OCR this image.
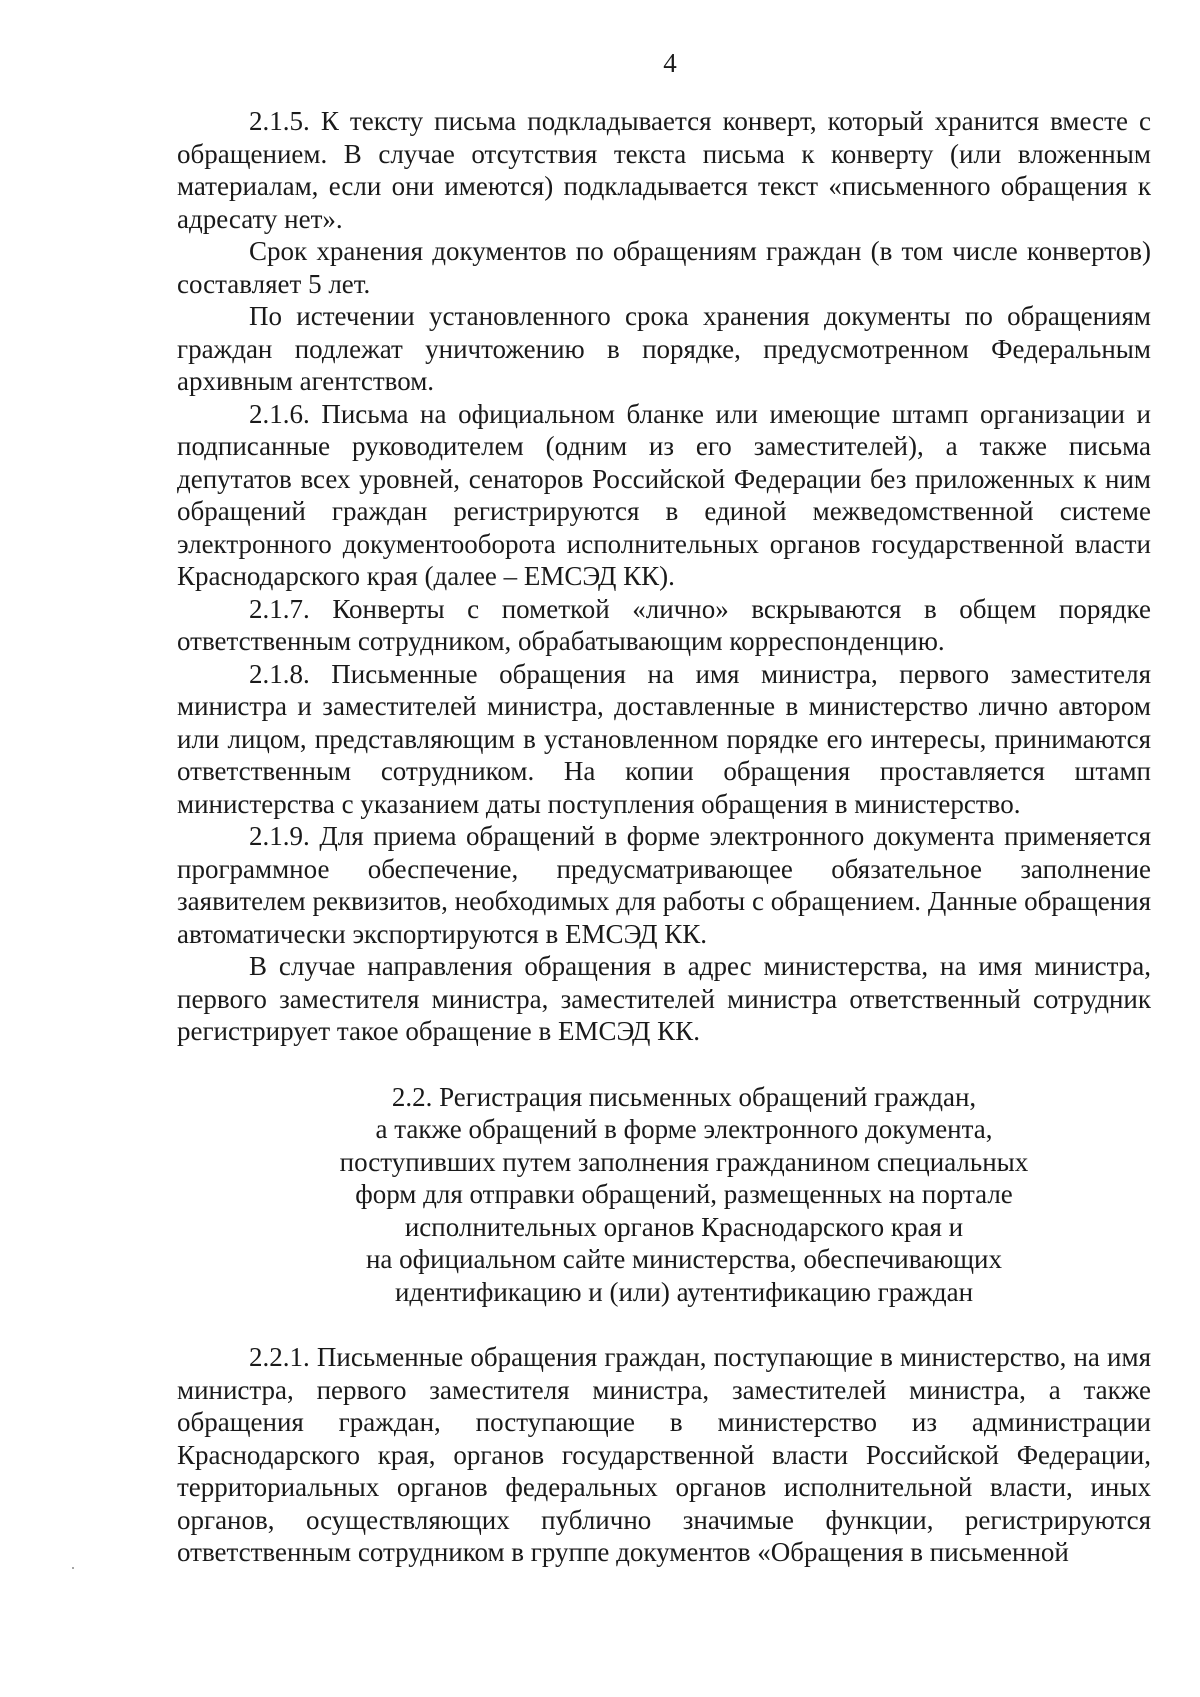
4

2.1.5. К тексту письма подкладывается конверт, который хранится вместе с обращением. В случае отсутствия текста письма к конверту (или вложенным материалам, если они имеются) подкладывается текст «письменного обращения к адресату нет».

Срок хранения документов по обращениям граждан (в том числе конвертов) составляет 5 лет.

По истечении установленного срока хранения документы по обращениям граждан подлежат уничтожению в порядке, предусмотренном Федеральным архивным агентством.

2.1.6. Письма на официальном бланке или имеющие штамп организации и подписанные руководителем (одним из его заместителей), а также письма депутатов всех уровней, сенаторов Российской Федерации без приложенных к ним обращений граждан регистрируются в единой межведомственной системе электронного документооборота исполнительных органов государственной власти Краснодарского края (далее – ЕМСЭД КК).

2.1.7. Конверты с пометкой «лично» вскрываются в общем порядке ответственным сотрудником, обрабатывающим корреспонденцию.

2.1.8. Письменные обращения на имя министра, первого заместителя министра и заместителей министра, доставленные в министерство лично автором или лицом, представляющим в установленном порядке его интересы, принимаются ответственным сотрудником. На копии обращения проставляется штамп министерства с указанием даты поступления обращения в министерство.

2.1.9. Для приема обращений в форме электронного документа применяется программное обеспечение, предусматривающее обязательное заполнение заявителем реквизитов, необходимых для работы с обращением. Данные обращения автоматически экспортируются в ЕМСЭД КК.

В случае направления обращения в адрес министерства, на имя министра, первого заместителя министра, заместителей министра ответственный сотрудник регистрирует такое обращение в ЕМСЭД КК.

2.2. Регистрация письменных обращений граждан,
а также обращений в форме электронного документа,
поступивших путем заполнения гражданином специальных
форм для отправки обращений, размещенных на портале
исполнительных органов Краснодарского края и
на официальном сайте министерства, обеспечивающих
идентификацию и (или) аутентификацию граждан

2.2.1. Письменные обращения граждан, поступающие в министерство, на имя министра, первого заместителя министра, заместителей министра, а также обращения граждан, поступающие в министерство из администрации Краснодарского края, органов государственной власти Российской Федерации, территориальных органов федеральных органов исполнительной власти, иных органов, осуществляющих публично значимые функции, регистрируются ответственным сотрудником в группе документов «Обращения в письменной
